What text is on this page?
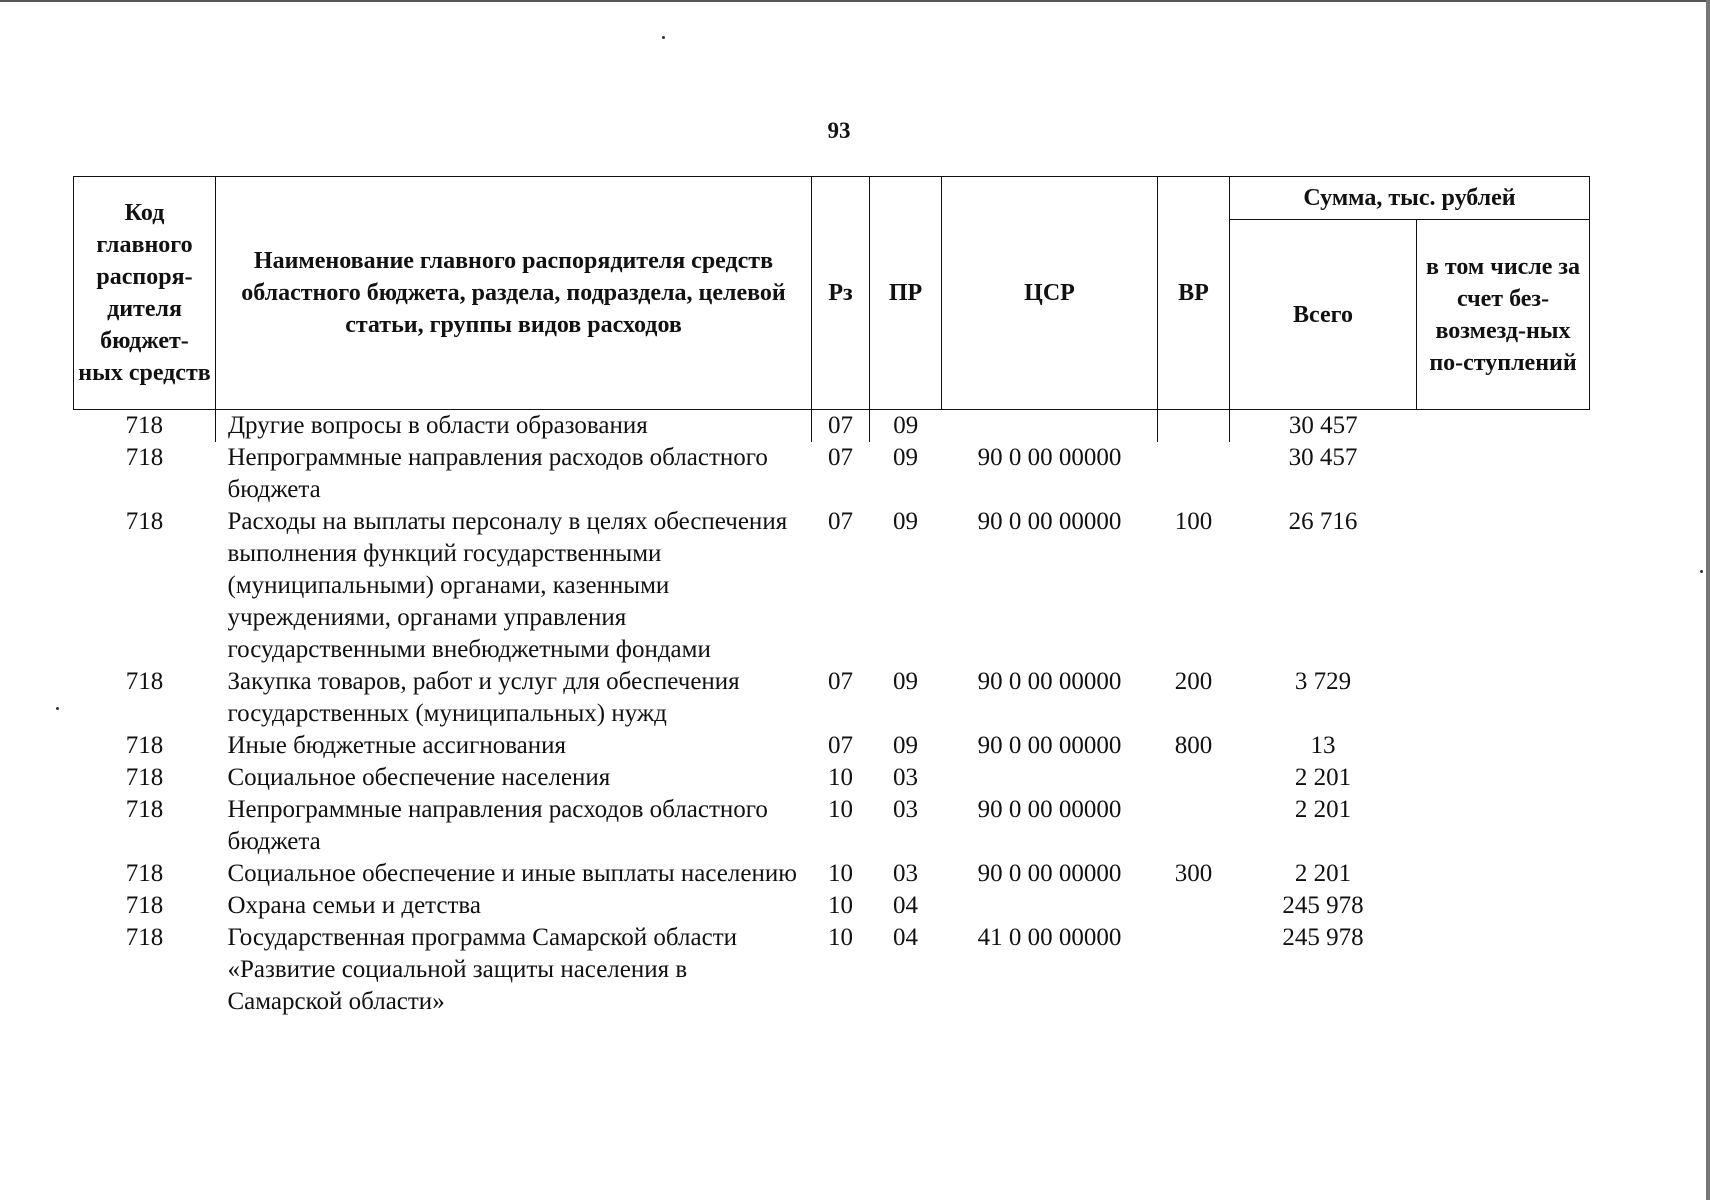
93
Код главного распоря-дителя бюджет-ных средств	Наименование главного распорядителя средств областного бюджета, раздела, подраздела, целевой статьи, группы видов расходов	Рз	ПР	ЦСР	ВР	Сумма, тыс. рублей	
						Всего	в том числе за счет без-возмезд-ных по-ступлений
718	Другие вопросы в области образования	07	09			30 457	
718	Непрограммные направления расходов областного бюджета	07	09	90 0 00 00000		30 457	
718	Расходы на выплаты персоналу в целях обеспечения выполнения функций государственными (муниципальными) органами, казенными учреждениями, органами управления государственными внебюджетными фондами	07	09	90 0 00 00000	100	26 716	
718	Закупка товаров, работ и услуг для обеспечения государственных (муниципальных) нужд	07	09	90 0 00 00000	200	3 729	
718	Иные бюджетные ассигнования	07	09	90 0 00 00000	800	13	
718	Социальное обеспечение населения	10	03			2 201	
718	Непрограммные направления расходов областного бюджета	10	03	90 0 00 00000		2 201	
718	Социальное обеспечение и иные выплаты населению	10	03	90 0 00 00000	300	2 201	
718	Охрана семьи и детства	10	04			245 978	
718	Государственная программа Самарской области «Развитие социальной защиты населения в Самарской области»	10	04	41 0 00 00000		245 978	
